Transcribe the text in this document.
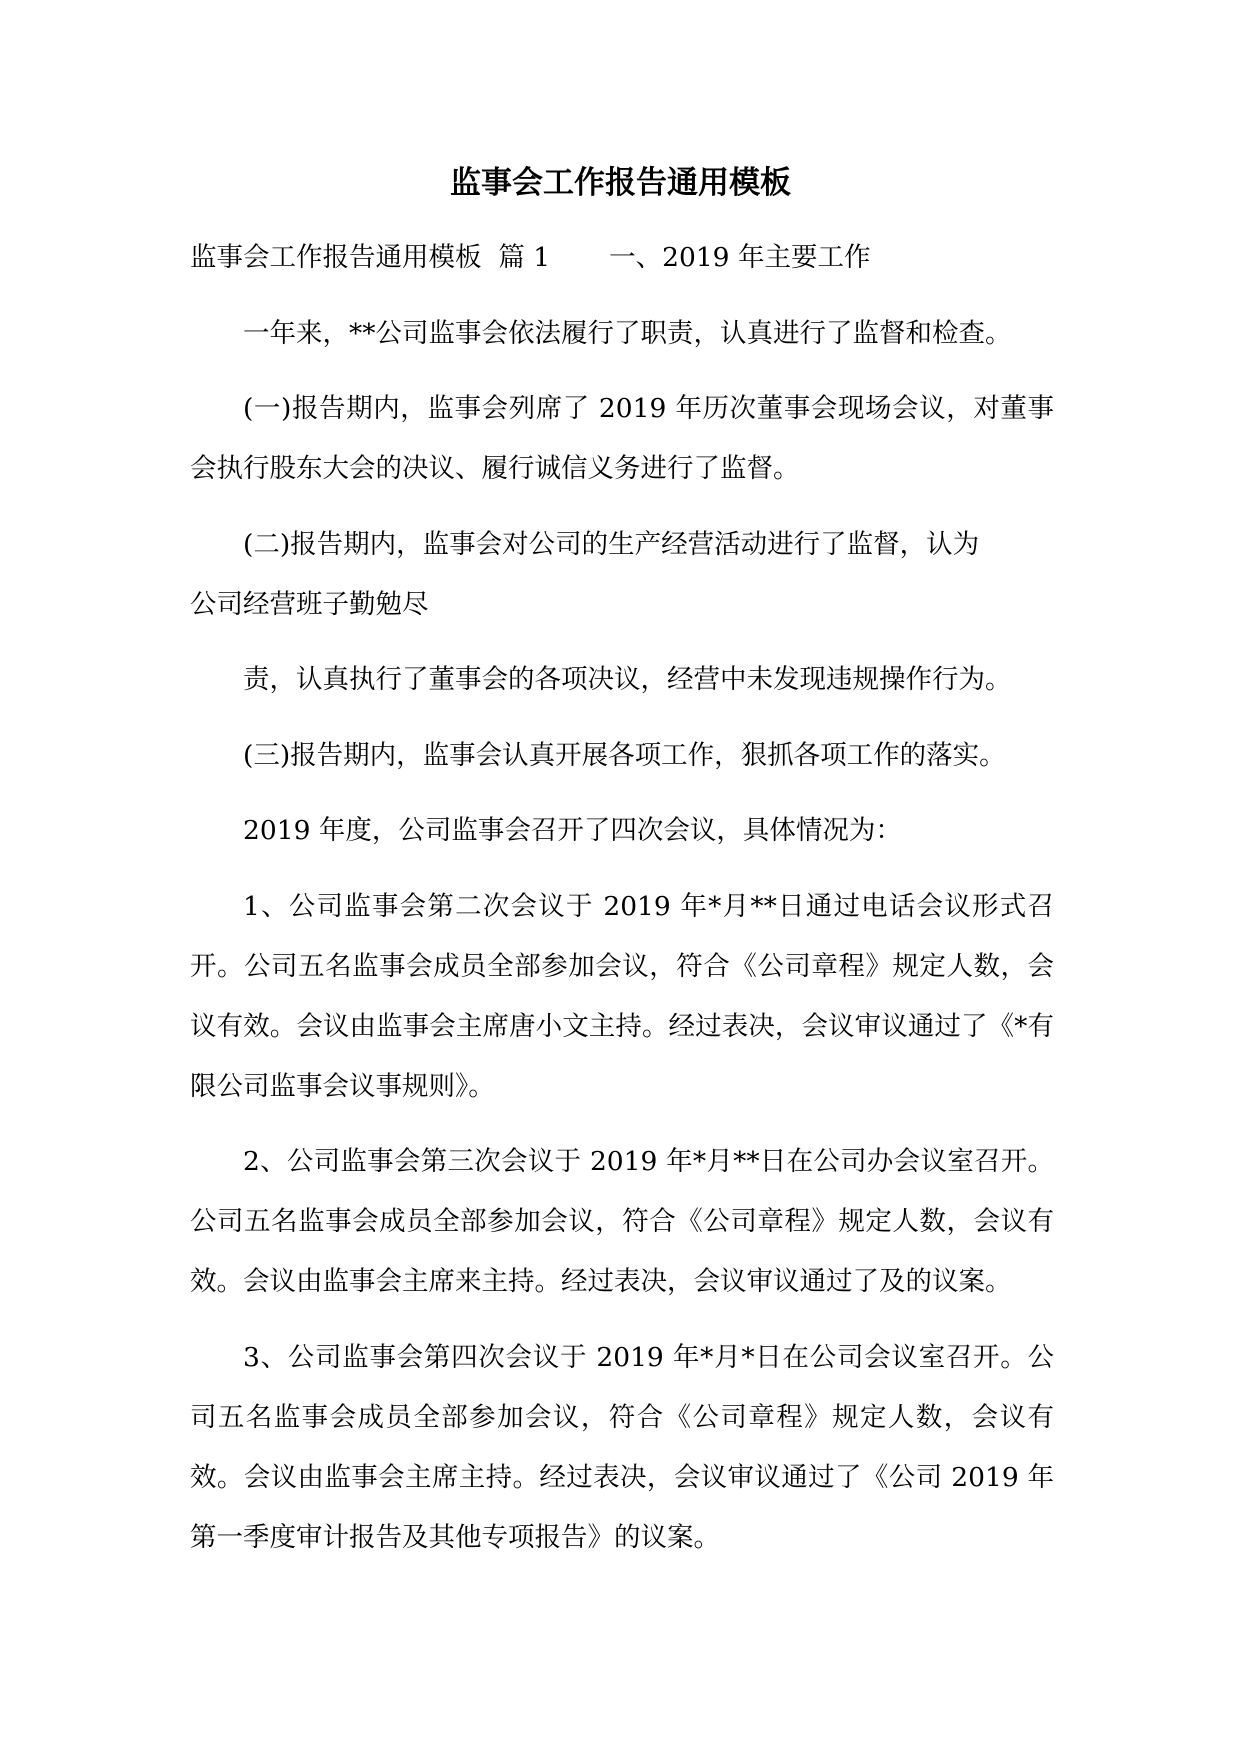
监事会工作报告通用模板

监事会工作报告通用模板  篇 1       一、2019 年主要工作

一年来，**公司监事会依法履行了职责，认真进行了监督和检查。

(一)报告期内，监事会列席了 2019 年历次董事会现场会议，对董事会执行股东大会的决议、履行诚信义务进行了监督。

(二)报告期内，监事会对公司的生产经营活动进行了监督，认为

公司经营班子勤勉尽

责，认真执行了董事会的各项决议，经营中未发现违规操作行为。

(三)报告期内，监事会认真开展各项工作，狠抓各项工作的落实。

2019 年度，公司监事会召开了四次会议，具体情况为：

1、公司监事会第二次会议于 2019 年*月**日通过电话会议形式召开。公司五名监事会成员全部参加会议，符合《公司章程》规定人数，会议有效。会议由监事会主席唐小文主持。经过表决，会议审议通过了《*有限公司监事会议事规则》。

2、公司监事会第三次会议于 2019 年*月**日在公司办会议室召开。公司五名监事会成员全部参加会议，符合《公司章程》规定人数，会议有效。会议由监事会主席来主持。经过表决，会议审议通过了及的议案。

3、公司监事会第四次会议于 2019 年*月*日在公司会议室召开。公司五名监事会成员全部参加会议，符合《公司章程》规定人数，会议有效。会议由监事会主席主持。经过表决，会议审议通过了《公司 2019 年第一季度审计报告及其他专项报告》的议案。
